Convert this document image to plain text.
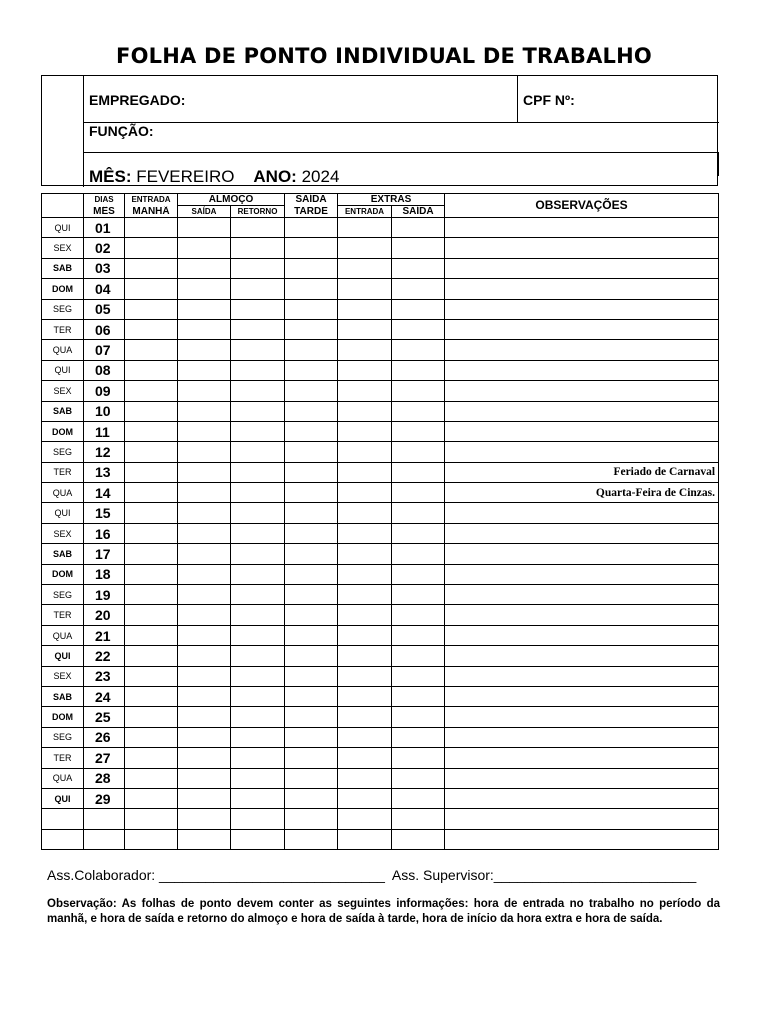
FOLHA DE PONTO INDIVIDUAL DE TRABALHO
EMPREGADO:	CPF Nº:
FUNÇÃO:
MÊS: FEVEREIRO ANO: 2024
	DIAS	ENTRADA	ALMOÇO		SAÍDA	EXTRAS		OBSERVAÇÕES
	MÊS	MANHÃ	SAÍDA	RETORNO	TARDE	ENTRADA	SAÍDA	
QUI	01							
SEX	02							
SAB	03							
DOM	04							
SEG	05							
TER	06							
QUA	07							
QUI	08							
SEX	09							
SAB	10							
DOM	11							
SEG	12							
TER	13							Feriado de Carnaval
QUA	14							Quarta-Feira de Cinzas.
QUI	15							
SEX	16							
SAB	17							
DOM	18							
SEG	19							
TER	20							
QUA	21							
QUI	22							
SEX	23							
SAB	24							
DOM	25							
SEG	26							
TER	27							
QUA	28							
QUI	29							

Ass.Colaborador: _____________________________ Ass. Supervisor:__________________________
Observação: As folhas de ponto devem conter as seguintes informações: hora de entrada no trabalho no período da manhã, e hora de saída e retorno do almoço e hora de saída à tarde, hora de início da hora extra e hora de saída.
